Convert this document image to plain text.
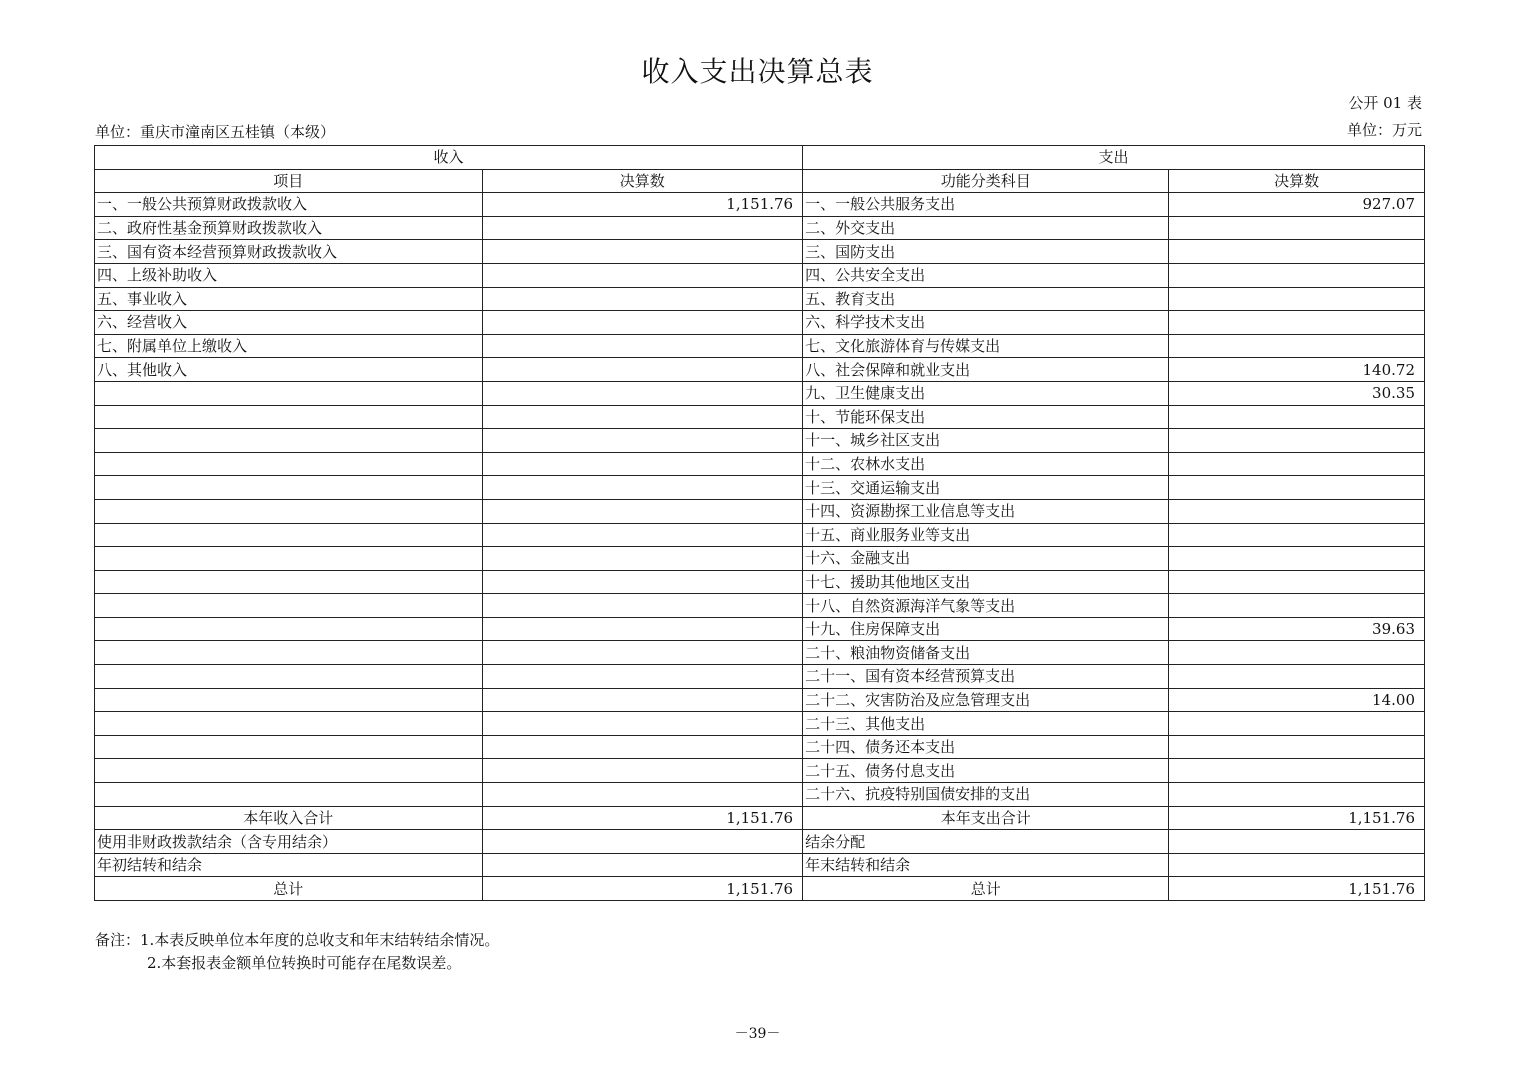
收入支出决算总表
公开 01 表
单位：重庆市潼南区五桂镇（本级）	单位：万元
收入		支出	
项目	决算数	功能分类科目	决算数
一、一般公共预算财政拨款收入	1,151.76	一、一般公共服务支出	927.07
二、政府性基金预算财政拨款收入		二、外交支出	
三、国有资本经营预算财政拨款收入		三、国防支出	
四、上级补助收入		四、公共安全支出	
五、事业收入		五、教育支出	
六、经营收入		六、科学技术支出	
七、附属单位上缴收入		七、文化旅游体育与传媒支出	
八、其他收入		八、社会保障和就业支出	140.72
		九、卫生健康支出	30.35
		十、节能环保支出	
		十一、城乡社区支出	
		十二、农林水支出	
		十三、交通运输支出	
		十四、资源勘探工业信息等支出	
		十五、商业服务业等支出	
		十六、金融支出	
		十七、援助其他地区支出	
		十八、自然资源海洋气象等支出	
		十九、住房保障支出	39.63
		二十、粮油物资储备支出	
		二十一、国有资本经营预算支出	
		二十二、灾害防治及应急管理支出	14.00
		二十三、其他支出	
		二十四、债务还本支出	
		二十五、债务付息支出	
		二十六、抗疫特别国债安排的支出	
本年收入合计	1,151.76	本年支出合计	1,151.76
使用非财政拨款结余（含专用结余）		结余分配	
年初结转和结余		年末结转和结余	
总计	1,151.76	总计	1,151.76
备注：1.本表反映单位本年度的总收支和年末结转结余情况。
2.本套报表金额单位转换时可能存在尾数误差。
－39－
